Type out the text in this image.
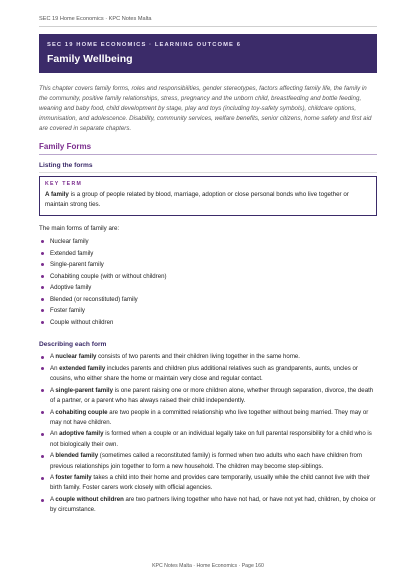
SEC 19 Home Economics · KPC Notes Malta
SEC 19 HOME ECONOMICS · LEARNING OUTCOME 6
Family Wellbeing
This chapter covers family forms, roles and responsibilities, gender stereotypes, factors affecting family life, the family in the community, positive family relationships, stress, pregnancy and the unborn child, breastfeeding and bottle feeding, weaning and baby food, child development by stage, play and toys (including toy-safety symbols), childcare options, immunisation, and adolescence. Disability, community services, welfare benefits, senior citizens, home safety and first aid are covered in separate chapters.
Family Forms
Listing the forms
KEY TERM
A family is a group of people related by blood, marriage, adoption or close personal bonds who live together or maintain strong ties.
The main forms of family are:
Nuclear family
Extended family
Single-parent family
Cohabiting couple (with or without children)
Adoptive family
Blended (or reconstituted) family
Foster family
Couple without children
Describing each form
A nuclear family consists of two parents and their children living together in the same home.
An extended family includes parents and children plus additional relatives such as grandparents, aunts, uncles or cousins, who either share the home or maintain very close and regular contact.
A single-parent family is one parent raising one or more children alone, whether through separation, divorce, the death of a partner, or a parent who has always raised their child independently.
A cohabiting couple are two people in a committed relationship who live together without being married. They may or may not have children.
An adoptive family is formed when a couple or an individual legally take on full parental responsibility for a child who is not biologically their own.
A blended family (sometimes called a reconstituted family) is formed when two adults who each have children from previous relationships join together to form a new household. The children may become step-siblings.
A foster family takes a child into their home and provides care temporarily, usually while the child cannot live with their birth family. Foster carers work closely with official agencies.
A couple without children are two partners living together who have not had, or have not yet had, children, by choice or by circumstance.
KPC Notes Malta · Home Economics · Page 160
